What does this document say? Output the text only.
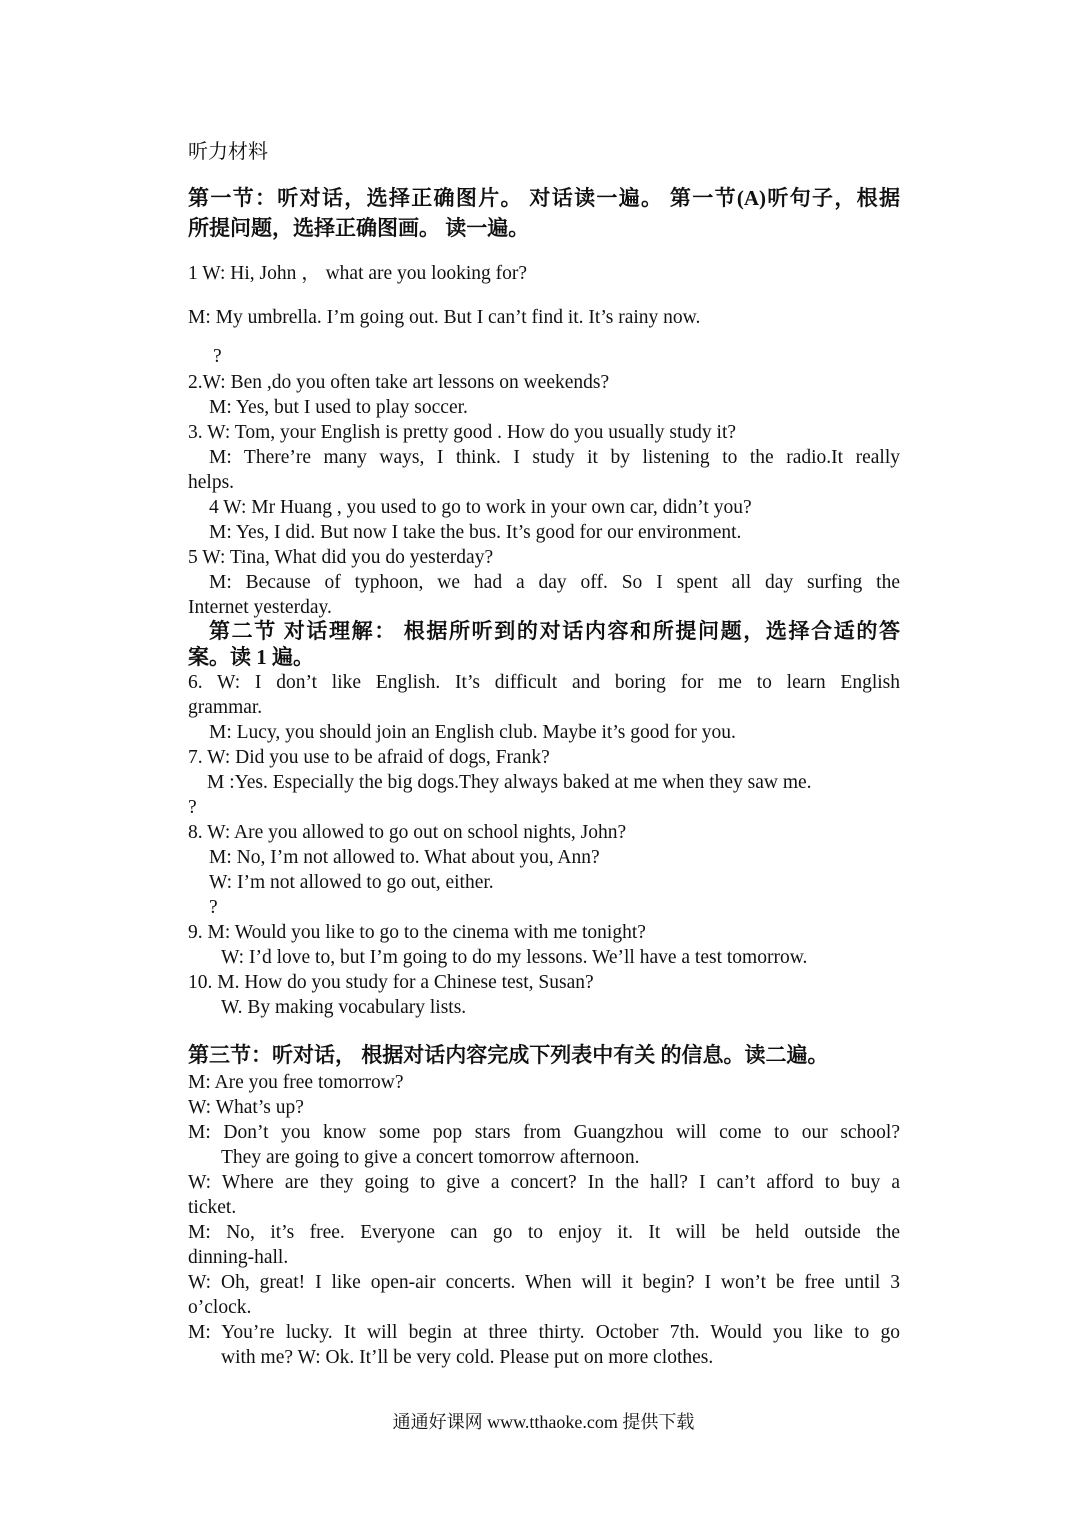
听力材料
第一节：听对话，选择正确图片。 对话读一遍。 第一节(A)听句子，根据
所提问题，选择正确图画。 读一遍。
1 W: Hi, John ， what are you looking for?
M: My umbrella. I’m going out. But I can’t find it. It’s rainy now.
?
2.W: Ben ,do you often take art lessons on weekends?
M: Yes, but I used to play soccer.
3. W: Tom, your English is pretty good . How do you usually study it?
M: There’re many ways, I think. I study it by listening to the radio.It really
helps.
4 W: Mr Huang , you used to go to work in your own car, didn’t you?
M: Yes, I did. But now I take the bus. It’s good for our environment.
5 W: Tina, What did you do yesterday?
M: Because of typhoon, we had a day off. So I spent all day surfing the
Internet yesterday.
第二节 对话理解： 根据所听到的对话内容和所提问题，选择合适的答
案。读 1 遍。
6. W: I don’t like English. It’s difficult and boring for me to learn English
grammar.
M: Lucy, you should join an English club. Maybe it’s good for you.
7. W: Did you use to be afraid of dogs, Frank?
M :Yes. Especially the big dogs.They always baked at me when they saw me.
?
8. W: Are you allowed to go out on school nights, John?
M: No, I’m not allowed to. What about you, Ann?
W: I’m not allowed to go out, either.
?
9. M: Would you like to go to the cinema with me tonight?
W: I’d love to, but I’m going to do my lessons. We’ll have a test tomorrow.
10. M. How do you study for a Chinese test, Susan?
W. By making vocabulary lists.
第三节：听对话， 根据对话内容完成下列表中有关 的信息。读二遍。
M: Are you free tomorrow?
W: What’s up?
M: Don’t you know some pop stars from Guangzhou will come to our school?
They are going to give a concert tomorrow afternoon.
W: Where are they going to give a concert? In the hall? I can’t afford to buy a
ticket.
M: No, it’s free. Everyone can go to enjoy it. It will be held outside the
dinning-hall.
W: Oh, great! I like open-air concerts. When will it begin? I won’t be free until 3
o’clock.
M: You’re lucky. It will begin at three thirty. October 7th. Would you like to go
with me? W: Ok. It’ll be very cold. Please put on more clothes.
通通好课网 www.tthaoke.com 提供下载
